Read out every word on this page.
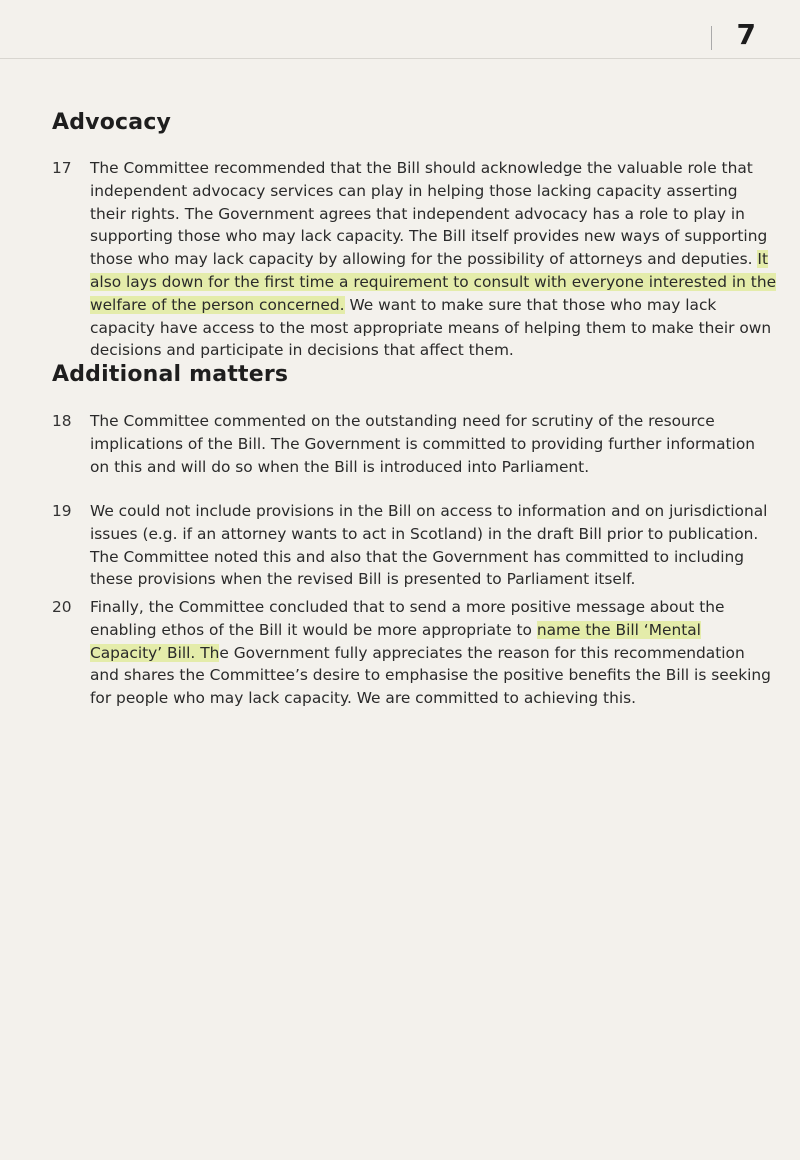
7
Advocacy
17	The Committee recommended that the Bill should acknowledge the valuable role that independent advocacy services can play in helping those lacking capacity asserting their rights. The Government agrees that independent advocacy has a role to play in supporting those who may lack capacity. The Bill itself provides new ways of supporting those who may lack capacity by allowing for the possibility of attorneys and deputies. It also lays down for the first time a requirement to consult with everyone interested in the welfare of the person concerned. We want to make sure that those who may lack capacity have access to the most appropriate means of helping them to make their own decisions and participate in decisions that affect them.
Additional matters
18	The Committee commented on the outstanding need for scrutiny of the resource implications of the Bill. The Government is committed to providing further information on this and will do so when the Bill is introduced into Parliament.
19	We could not include provisions in the Bill on access to information and on jurisdictional issues (e.g. if an attorney wants to act in Scotland) in the draft Bill prior to publication. The Committee noted this and also that the Government has committed to including these provisions when the revised Bill is presented to Parliament itself.
20	Finally, the Committee concluded that to send a more positive message about the enabling ethos of the Bill it would be more appropriate to name the Bill ‘Mental Capacity’ Bill. The Government fully appreciates the reason for this recommendation and shares the Committee’s desire to emphasise the positive benefits the Bill is seeking for people who may lack capacity. We are committed to achieving this.
